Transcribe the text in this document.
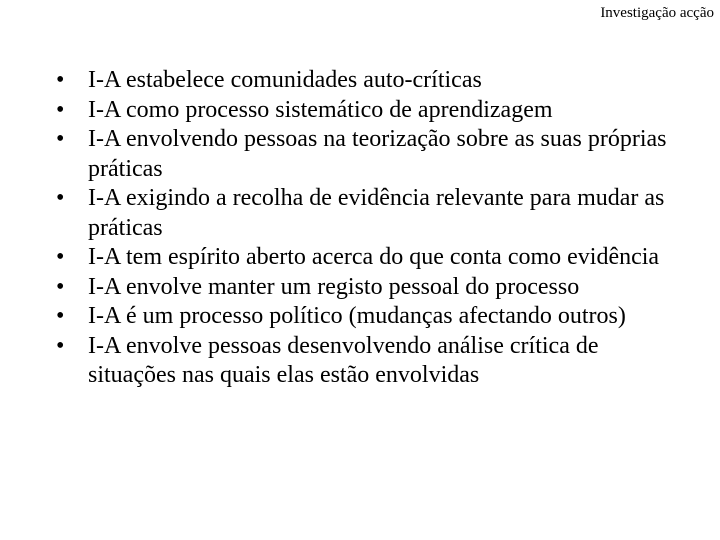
Investigação acção
• I-A estabelece comunidades auto-críticas
• I-A como processo sistemático de aprendizagem
• I-A envolvendo pessoas na teorização sobre as suas próprias práticas
• I-A exigindo a recolha de evidência relevante para mudar as práticas
• I-A tem espírito aberto acerca do que conta como evidência
• I-A envolve manter um registo pessoal do processo
• I-A é um processo político (mudanças afectando outros)
• I-A envolve pessoas desenvolvendo análise crítica de situações nas quais elas estão envolvidas
